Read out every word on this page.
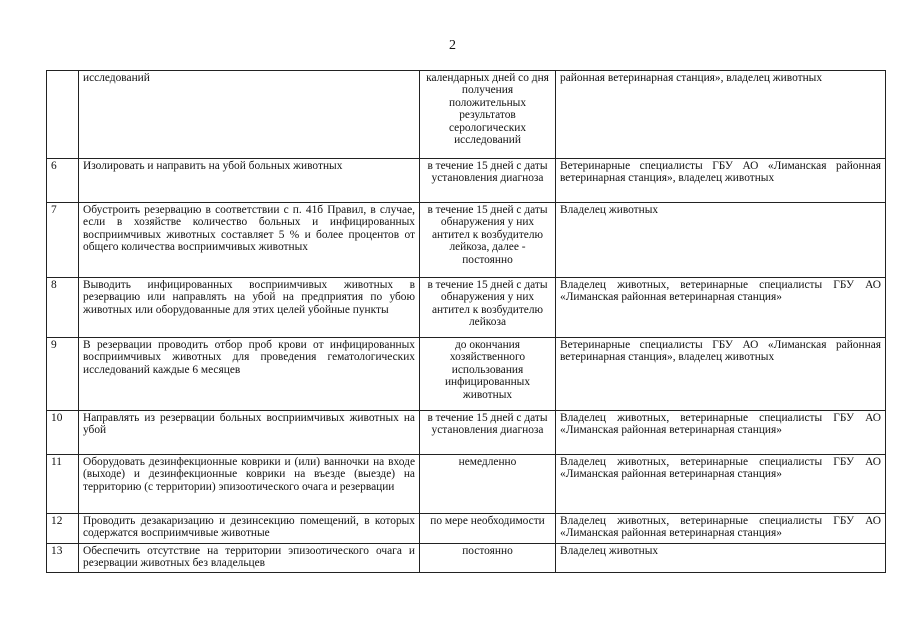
2
	исследований	календарных дней со дня получения положительных результатов серологических исследований	районная ветеринарная станция», владелец животных
6	Изолировать и направить на убой больных животных	в течение 15 дней с даты установления диагноза	Ветеринарные специалисты ГБУ АО «Лиманская районная ветеринарная станция», владелец животных
7	Обустроить резервацию в соответствии с п. 41б Правил, в случае, если в хозяйстве количество больных и инфицированных восприимчивых животных составляет 5 % и более процентов от общего количества восприимчивых животных	в течение 15 дней с даты обнаружения у них антител к возбудителю лейкоза, далее - постоянно	Владелец животных
8	Выводить инфицированных восприимчивых животных в резервацию или направлять на убой на предприятия по убою животных или оборудованные для этих целей убойные пункты	в течение 15 дней с даты обнаружения у них антител к возбудителю лейкоза	Владелец животных, ветеринарные специалисты ГБУ АО «Лиманская районная ветеринарная станция»
9	В резервации проводить отбор проб крови от инфицированных восприимчивых животных для проведения гематологических исследований каждые 6 месяцев	до окончания хозяйственного использования инфицированных животных	Ветеринарные специалисты ГБУ АО «Лиманская районная ветеринарная станция», владелец животных
10	Направлять из резервации больных восприимчивых животных на убой	в течение 15 дней с даты установления диагноза	Владелец животных, ветеринарные специалисты ГБУ АО «Лиманская районная ветеринарная станция»
11	Оборудовать дезинфекционные коврики и (или) ванночки на входе (выходе) и дезинфекционные коврики на въезде (выезде) на территорию (с территории) эпизоотического очага и резервации	немедленно	Владелец животных, ветеринарные специалисты ГБУ АО «Лиманская районная ветеринарная станция»
12	Проводить дезакаризацию и дезинсекцию помещений, в которых содержатся восприимчивые животные	по мере необходимости	Владелец животных, ветеринарные специалисты ГБУ АО «Лиманская районная ветеринарная станция»
13	Обеспечить отсутствие на территории эпизоотического очага и резервации животных без владельцев	постоянно	Владелец животных
